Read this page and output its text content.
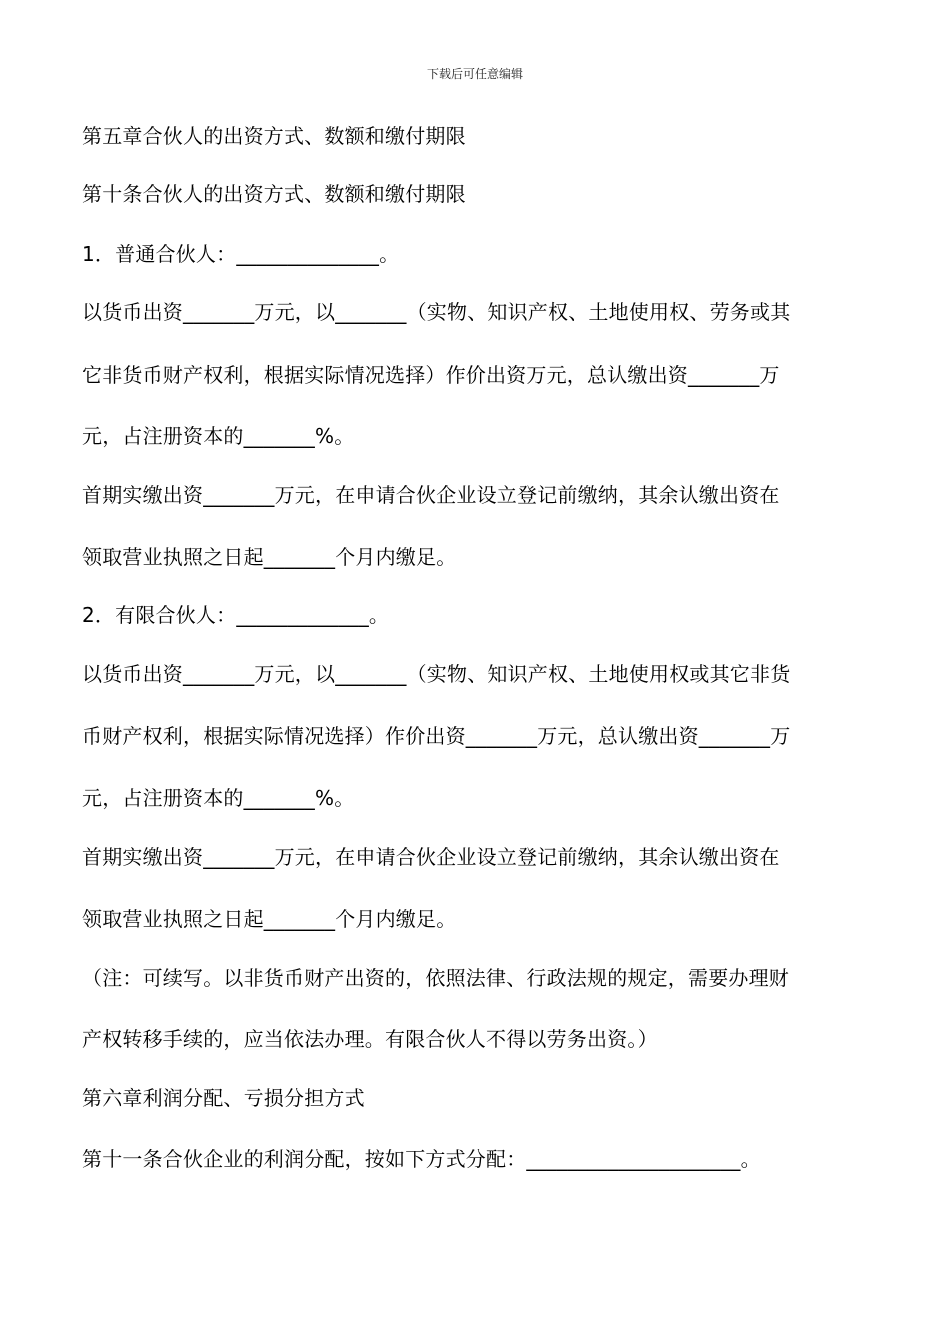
下载后可任意编辑
第五章合伙人的出资方式、数额和缴付期限
第十条合伙人的出资方式、数额和缴付期限
1．普通合伙人：______________。
以货币出资_______万元，以_______（实物、知识产权、土地使用权、劳务或其
它非货币财产权利，根据实际情况选择）作价出资万元，总认缴出资_______万
元，占注册资本的_______%。
首期实缴出资_______万元，在申请合伙企业设立登记前缴纳，其余认缴出资在
领取营业执照之日起_______个月内缴足。
2．有限合伙人：_____________。
以货币出资_______万元，以_______（实物、知识产权、土地使用权或其它非货
币财产权利，根据实际情况选择）作价出资_______万元，总认缴出资_______万
元，占注册资本的_______%。
首期实缴出资_______万元，在申请合伙企业设立登记前缴纳，其余认缴出资在
领取营业执照之日起_______个月内缴足。
（注：可续写。以非货币财产出资的，依照法律、行政法规的规定，需要办理财
产权转移手续的，应当依法办理。有限合伙人不得以劳务出资。）
第六章利润分配、亏损分担方式
第十一条合伙企业的利润分配，按如下方式分配：_____________________。
